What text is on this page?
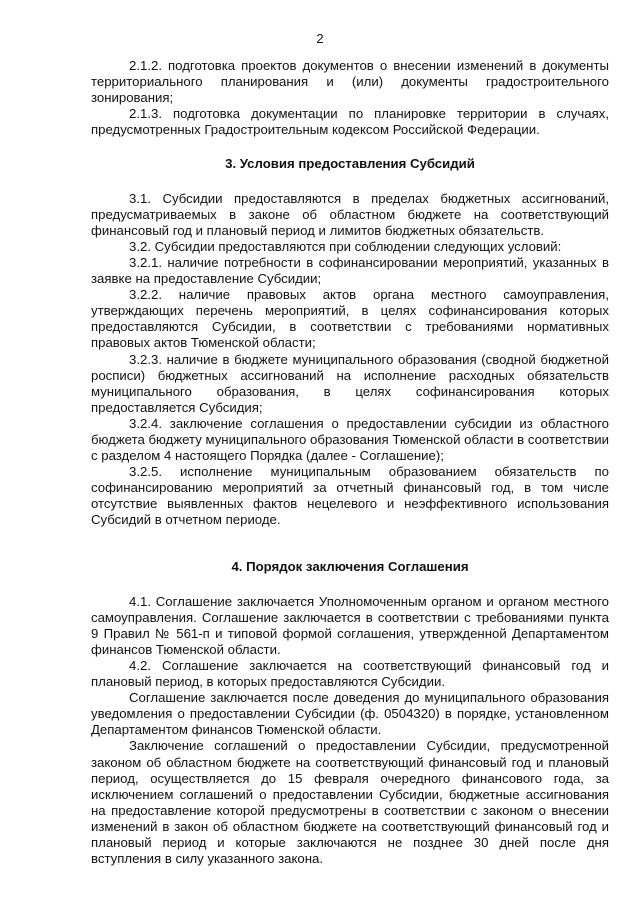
2

2.1.2. подготовка проектов документов о внесении изменений в документы территориального планирования и (или) документы градостроительного зонирования;

2.1.3. подготовка документации по планировке территории в случаях, предусмотренных Градостроительным кодексом Российской Федерации.

3. Условия предоставления Субсидий

3.1. Субсидии предоставляются в пределах бюджетных ассигнований, предусматриваемых в законе об областном бюджете на соответствующий финансовый год и плановый период и лимитов бюджетных обязательств.

3.2. Субсидии предоставляются при соблюдении следующих условий:

3.2.1. наличие потребности в софинансировании мероприятий, указанных в заявке на предоставление Субсидии;

3.2.2. наличие правовых актов органа местного самоуправления, утверждающих перечень мероприятий, в целях софинансирования которых предоставляются Субсидии, в соответствии с требованиями нормативных правовых актов Тюменской области;

3.2.3. наличие в бюджете муниципального образования (сводной бюджетной росписи) бюджетных ассигнований на исполнение расходных обязательств муниципального образования, в целях софинансирования которых предоставляется Субсидия;

3.2.4. заключение соглашения о предоставлении субсидии из областного бюджета бюджету муниципального образования Тюменской области в соответствии с разделом 4 настоящего Порядка (далее - Соглашение);

3.2.5. исполнение муниципальным образованием обязательств по софинансированию мероприятий за отчетный финансовый год, в том числе отсутствие выявленных фактов нецелевого и неэффективного использования Субсидий в отчетном периоде.

4. Порядок заключения Соглашения

4.1. Соглашение заключается Уполномоченным органом и органом местного самоуправления. Соглашение заключается в соответствии с требованиями пункта 9 Правил № 561-п и типовой формой соглашения, утвержденной Департаментом финансов Тюменской области.

4.2. Соглашение заключается на соответствующий финансовый год и плановый период, в которых предоставляются Субсидии.

Соглашение заключается после доведения до муниципального образования уведомления о предоставлении Субсидии (ф. 0504320) в порядке, установленном Департаментом финансов Тюменской области.

Заключение соглашений о предоставлении Субсидии, предусмотренной законом об областном бюджете на соответствующий финансовый год и плановый период, осуществляется до 15 февраля очередного финансового года, за исключением соглашений о предоставлении Субсидии, бюджетные ассигнования на предоставление которой предусмотрены в соответствии с законом о внесении изменений в закон об областном бюджете на соответствующий финансовый год и плановый период и которые заключаются не позднее 30 дней после дня вступления в силу указанного закона.
